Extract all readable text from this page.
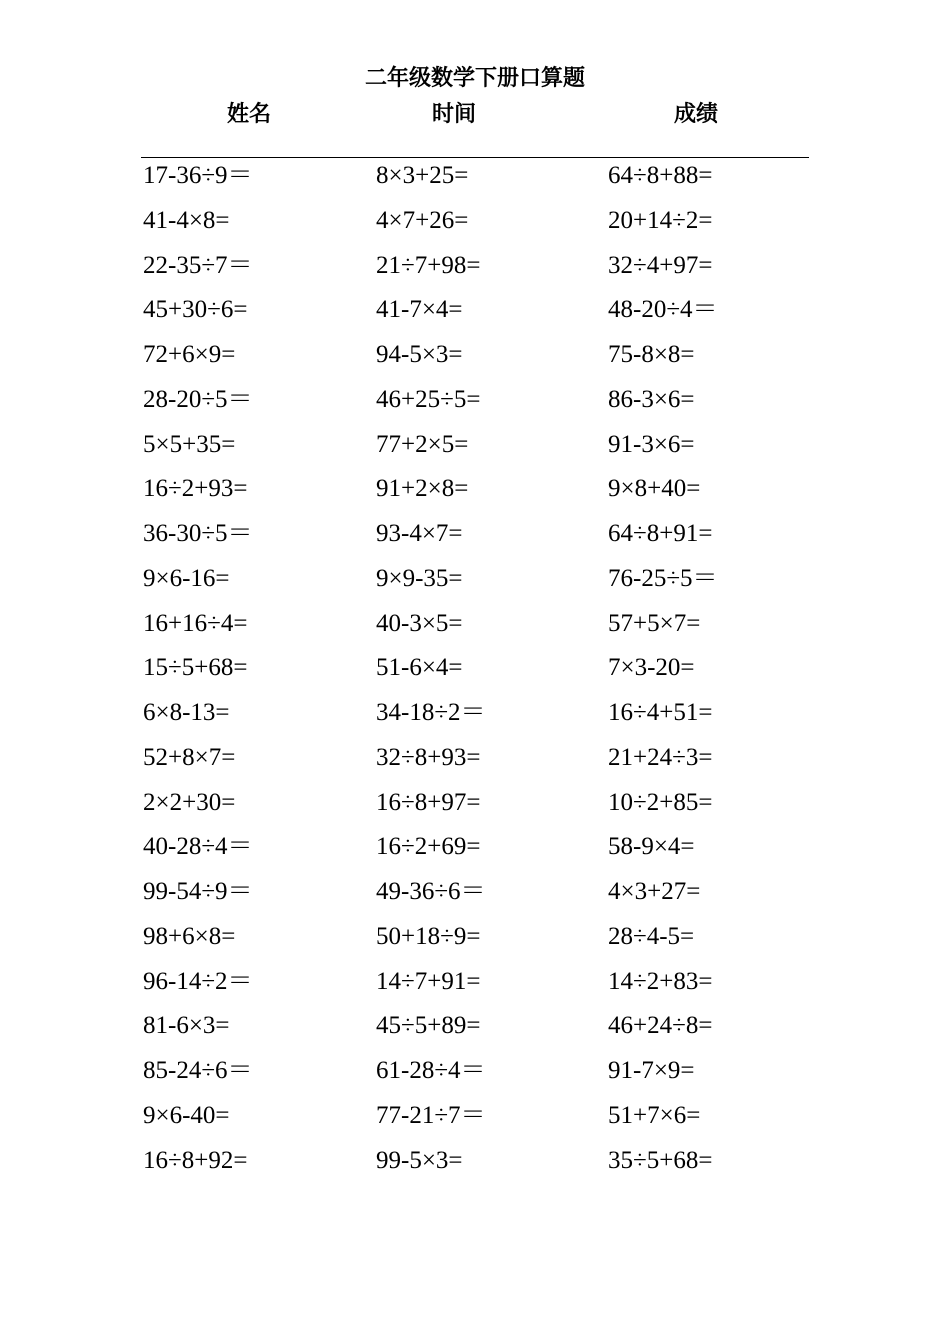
二年级数学下册口算题
姓名	时间	成绩
17-36÷9＝	8×3+25=	64÷8+88=
41-4×8=	4×7+26=	20+14÷2=
22-35÷7＝	21÷7+98=	32÷4+97=
45+30÷6=	41-7×4=	48-20÷4＝
72+6×9=	94-5×3=	75-8×8=
28-20÷5＝	46+25÷5=	86-3×6=
5×5+35=	77+2×5=	91-3×6=
16÷2+93=	91+2×8=	9×8+40=
36-30÷5＝	93-4×7=	64÷8+91=
9×6-16=	9×9-35=	76-25÷5＝
16+16÷4=	40-3×5=	57+5×7=
15÷5+68=	51-6×4=	7×3-20=
6×8-13=	34-18÷2＝	16÷4+51=
52+8×7=	32÷8+93=	21+24÷3=
2×2+30=	16÷8+97=	10÷2+85=
40-28÷4＝	16÷2+69=	58-9×4=
99-54÷9＝	49-36÷6＝	4×3+27=
98+6×8=	50+18÷9=	28÷4-5=
96-14÷2＝	14÷7+91=	14÷2+83=
81-6×3=	45÷5+89=	46+24÷8=
85-24÷6＝	61-28÷4＝	91-7×9=
9×6-40=	77-21÷7＝	51+7×6=
16÷8+92=	99-5×3=	35÷5+68=
